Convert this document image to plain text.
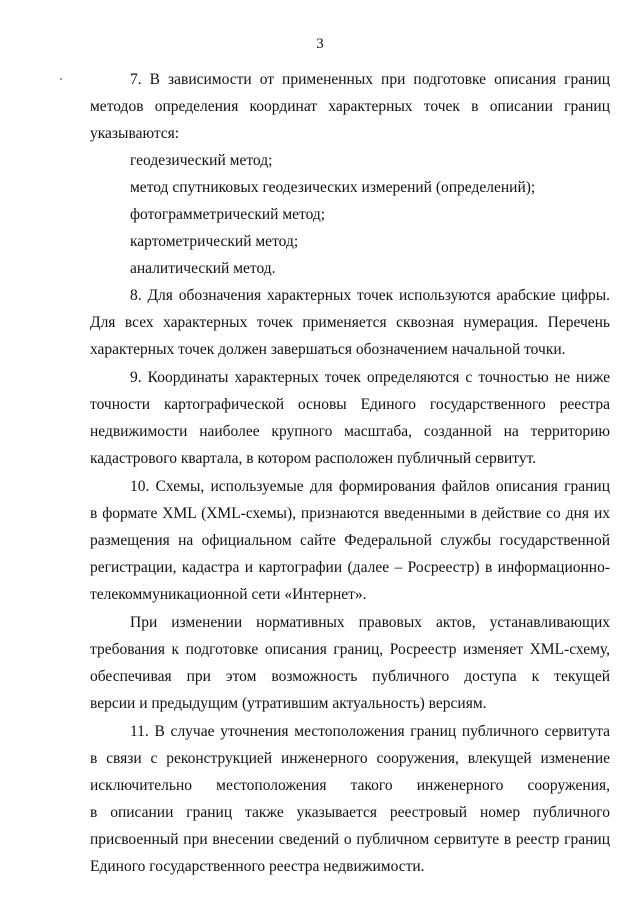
3
7. В зависимости от примененных при подготовке описания границ
методов определения координат характерных точек в описании границ
указываются:
геодезический метод;
метод спутниковых геодезических измерений (определений);
фотограмметрический метод;
картометрический метод;
аналитический метод.
8. Для обозначения характерных точек используются арабские цифры.
Для всех характерных точек применяется сквозная нумерация. Перечень
характерных точек должен завершаться обозначением начальной точки.
9. Координаты характерных точек определяются с точностью не ниже
точности картографической основы Единого государственного реестра
недвижимости наиболее крупного масштаба, созданной на территорию
кадастрового квартала, в котором расположен публичный сервитут.
10. Схемы, используемые для формирования файлов описания границ
в формате XML (XML-схемы), признаются введенными в действие со дня их
размещения на официальном сайте Федеральной службы государственной
регистрации, кадастра и картографии (далее – Росреестр) в информационно-
телекоммуникационной сети «Интернет».
При изменении нормативных правовых актов, устанавливающих
требования к подготовке описания границ, Росреестр изменяет XML-схему,
обеспечивая при этом возможность публичного доступа к текущей
версии и предыдущим (утратившим актуальность) версиям.
11. В случае уточнения местоположения границ публичного сервитута
в связи с реконструкцией инженерного сооружения, влекущей изменение
исключительно местоположения такого инженерного сооружения,
в описании границ также указывается реестровый номер публичного
присвоенный при внесении сведений о публичном сервитуте в реестр границ
Единого государственного реестра недвижимости.
